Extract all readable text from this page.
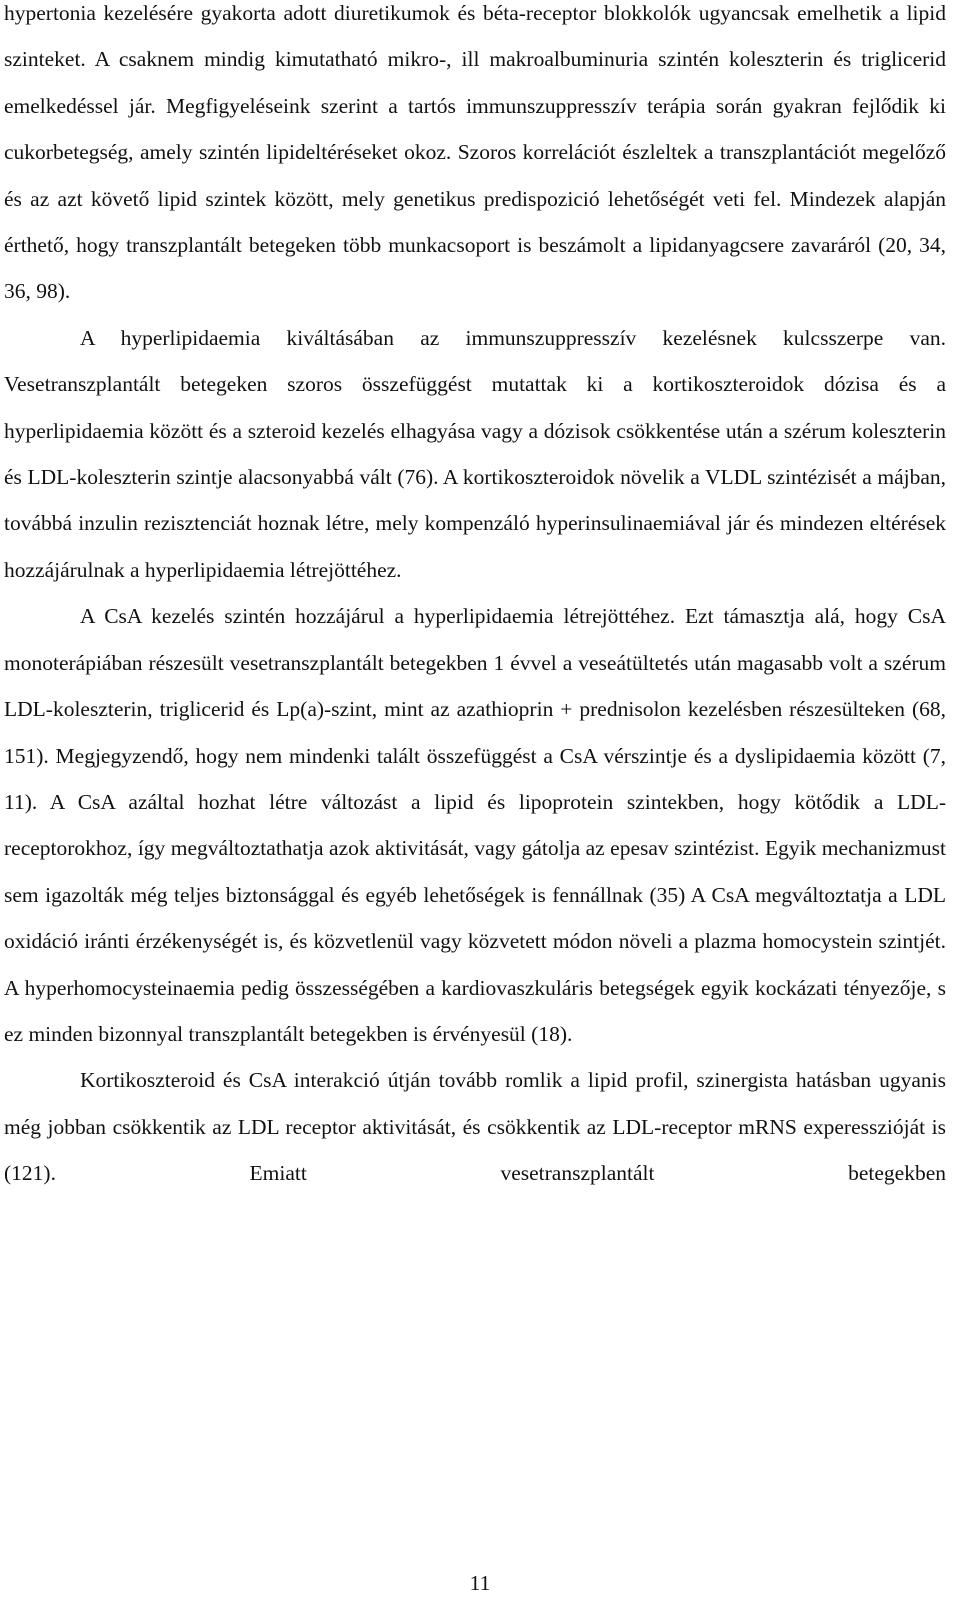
hypertonia kezelésére gyakorta adott diuretikumok és béta-receptor blokkolók ugyancsak emelhetik a lipid szinteket. A csaknem mindig kimutatható mikro-, ill makroalbuminuria szintén koleszterin és triglicerid emelkedéssel jár. Megfigyeléseink szerint a tartós immunszuppresszív terápia során gyakran fejlődik ki cukorbetegség, amely szintén lipideltéréseket okoz. Szoros korrelációt észleltek a transzplantációt megelőző és az azt követő lipid szintek között, mely genetikus predispozició lehetőségét veti fel. Mindezek alapján érthető, hogy transzplantált betegeken több munkacsoport is beszámolt a lipidanyagcsere zavaráról (20, 34, 36, 98).

A hyperlipidaemia kiváltásában az immunszuppresszív kezelésnek kulcsszerpe van. Vesetranszplantált betegeken szoros összefüggést mutattak ki a kortikoszteroidok dózisa és a hyperlipidaemia között és a szteroid kezelés elhagyása vagy a dózisok csökkentése után a szérum koleszterin és LDL-koleszterin szintje alacsonyabbá vált (76). A kortikoszteroidok növelik a VLDL szintézisét a májban, továbbá inzulin rezisztenciát hoznak létre, mely kompenzáló hyperinsulinaemiával jár és mindezen eltérések hozzájárulnak a hyperlipidaemia létrejöttéhez.

A CsA kezelés szintén hozzájárul a hyperlipidaemia létrejöttéhez. Ezt támasztja alá, hogy CsA monoterápiában részesült vesetranszplantált betegekben 1 évvel a veseátültetés után magasabb volt a szérum LDL-koleszterin, triglicerid és Lp(a)-szint, mint az azathioprin + prednisolon kezelésben részesülteken (68, 151). Megjegyzendő, hogy nem mindenki talált összefüggést a CsA vérszintje és a dyslipidaemia között (7, 11). A CsA azáltal hozhat létre változást a lipid és lipoprotein szintekben, hogy kötődik a LDL-receptorokhoz, így megváltoztathatja azok aktivitását, vagy gátolja az epesav szintézist. Egyik mechanizmust sem igazolták még teljes biztonsággal és egyéb lehetőségek is fennállnak (35) A CsA megváltoztatja a LDL oxidáció iránti érzékenységét is, és közvetlenül vagy közvetett módon növeli a plazma homocystein szintjét. A hyperhomocysteinaemia pedig összességében a kardiovaszkuláris betegségek egyik kockázati tényezője, s ez minden bizonnyal transzplantált betegekben is érvényesül (18).

Kortikoszteroid és CsA interakció útján tovább romlik a lipid profil, szinergista hatásban ugyanis még jobban csökkentik az LDL receptor aktivitását, és csökkentik az LDL-receptor mRNS experesszióját is (121). Emiatt vesetranszplantált betegekben

11
